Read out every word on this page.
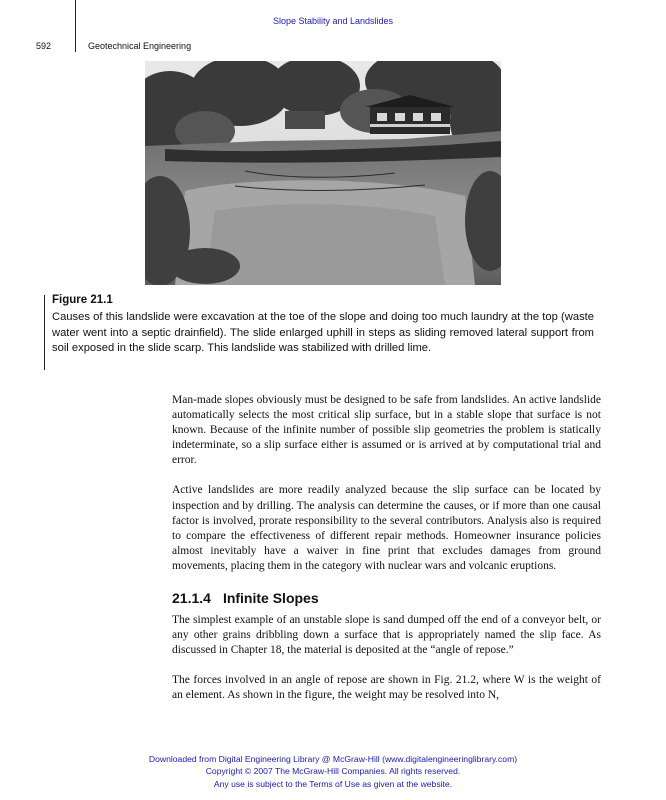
Slope Stability and Landslides
592	Geotechnical Engineering
Figure 21.1
Causes of this landslide were excavation at the toe of the slope and doing too much laundry at the top (waste water went into a septic drainfield). The slide enlarged uphill in steps as sliding removed lateral support from soil exposed in the slide scarp. This landslide was stabilized with drilled lime.

Man-made slopes obviously must be designed to be safe from landslides. An active landslide automatically selects the most critical slip surface, but in a stable slope that surface is not known. Because of the infinite number of possible slip geometries the problem is statically indeterminate, so a slip surface either is assumed or is arrived at by computational trial and error.

Active landslides are more readily analyzed because the slip surface can be located by inspection and by drilling. The analysis can determine the causes, or if more than one causal factor is involved, prorate responsibility to the several contributors. Analysis also is required to compare the effectiveness of different repair methods. Homeowner insurance policies almost inevitably have a waiver in fine print that excludes damages from ground movements, placing them in the category with nuclear wars and volcanic eruptions.

21.1.4 Infinite Slopes

The simplest example of an unstable slope is sand dumped off the end of a conveyor belt, or any other grains dribbling down a surface that is appropriately named the slip face. As discussed in Chapter 18, the material is deposited at the “angle of repose.”

The forces involved in an angle of repose are shown in Fig. 21.2, where W is the weight of an element. As shown in the figure, the weight may be resolved into N,

Downloaded from Digital Engineering Library @ McGraw-Hill (www.digitalengineeringlibrary.com)
Copyright © 2007 The McGraw-Hill Companies. All rights reserved.
Any use is subject to the Terms of Use as given at the website.
